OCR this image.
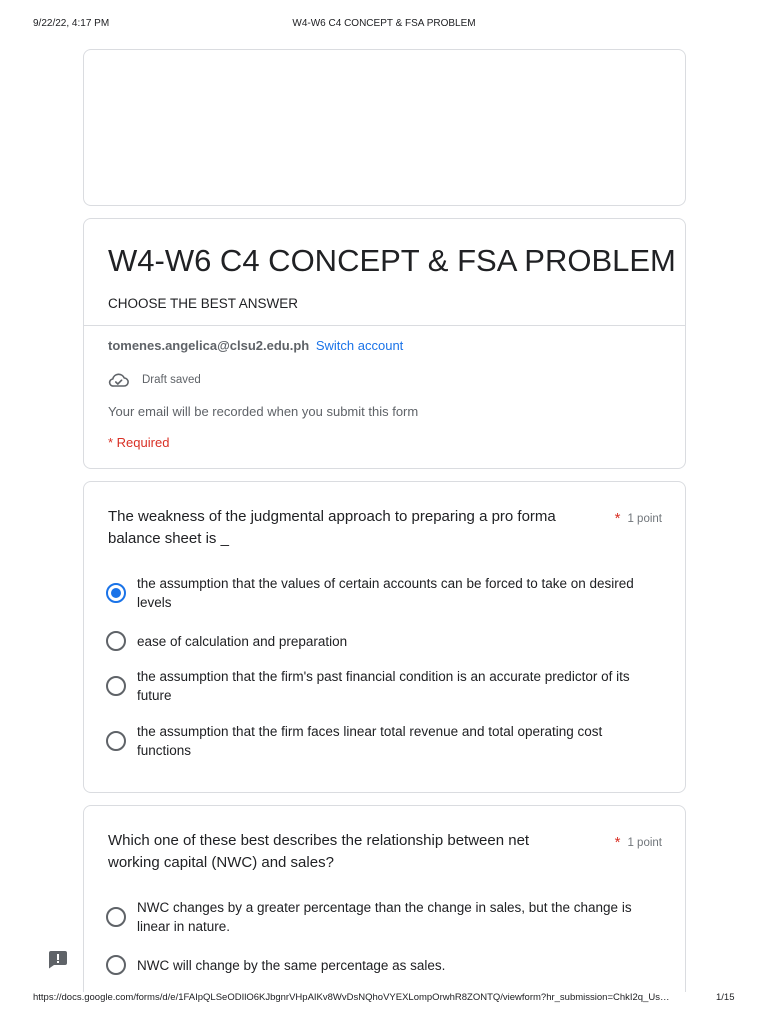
9/22/22, 4:17 PM	W4-W6 C4 CONCEPT & FSA PROBLEM
W4-W6 C4 CONCEPT & FSA PROBLEM
CHOOSE THE BEST ANSWER
tomenes.angelica@clsu2.edu.ph Switch account
Draft saved
Your email will be recorded when you submit this form
* Required
The weakness of the judgmental approach to preparing a pro forma balance sheet is _
* 1 point
the assumption that the values of certain accounts can be forced to take on desired levels
ease of calculation and preparation
the assumption that the firm's past financial condition is an accurate predictor of its future
the assumption that the firm faces linear total revenue and total operating cost functions
Which one of these best describes the relationship between net working capital (NWC) and sales?
* 1 point
NWC changes by a greater percentage than the change in sales, but the change is linear in nature.
NWC will change by the same percentage as sales.
https://docs.google.com/forms/d/e/1FAIpQLSeODIlO6KJbgnrVHpAIKv8WvDsNQhoVYEXLompOrwhR8ZONTQ/viewform?hr_submission=ChkI2q_Us…	1/15
